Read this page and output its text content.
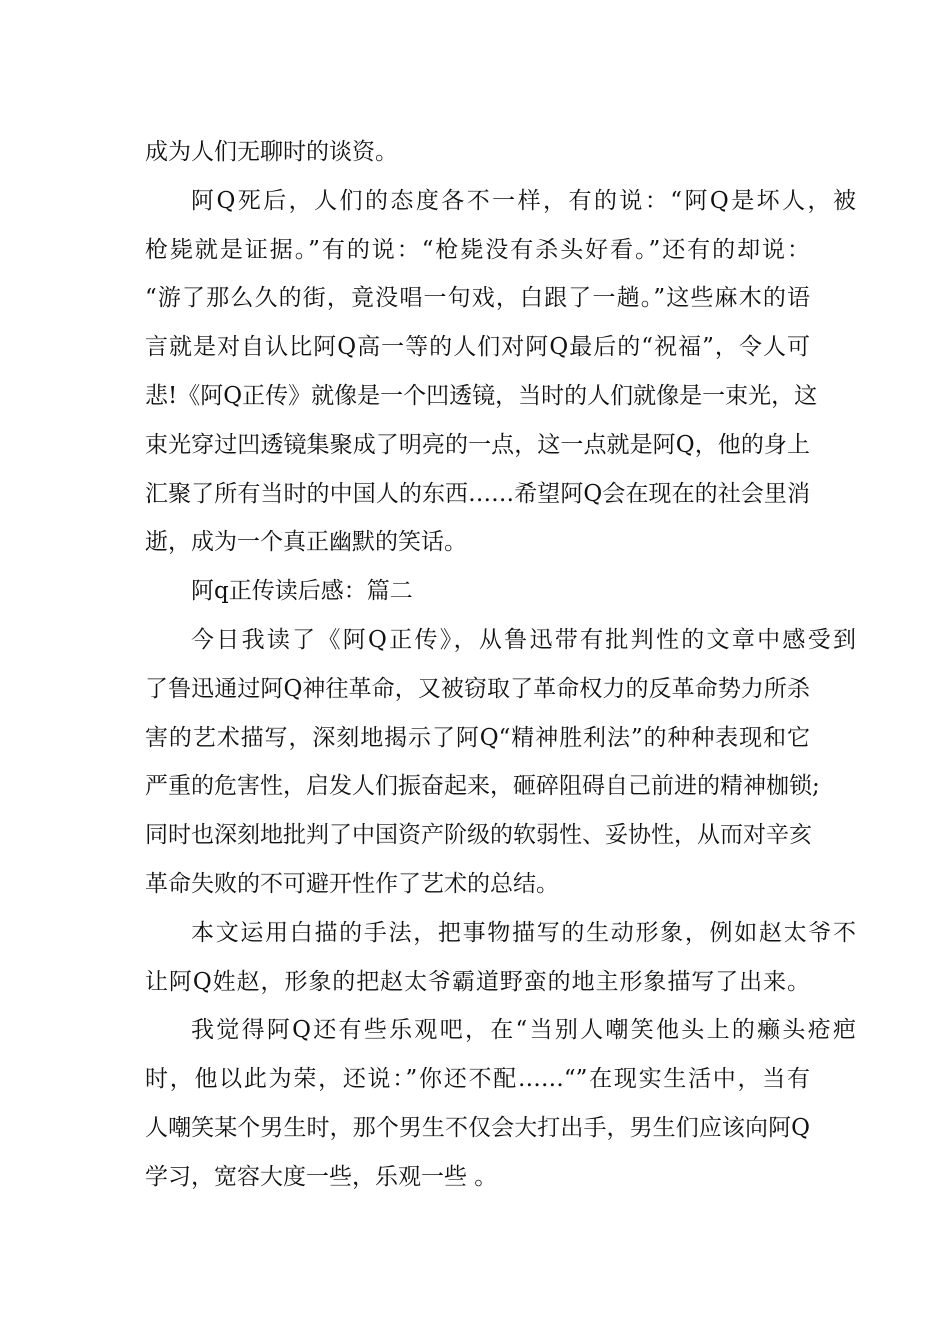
成为人们无聊时的谈资。
阿Q死后，人们的态度各不一样，有的说：“阿Q是坏人，被
枪毙就是证据。”有的说：“枪毙没有杀头好看。”还有的却说：
“游了那么久的街，竟没唱一句戏，白跟了一趟。”这些麻木的语
言就是对自认比阿Q高一等的人们对阿Q最后的“祝福”，令人可
悲!《阿Q正传》就像是一个凹透镜，当时的人们就像是一束光，这
束光穿过凹透镜集聚成了明亮的一点，这一点就是阿Q，他的身上
汇聚了所有当时的中国人的东西……希望阿Q会在现在的社会里消
逝，成为一个真正幽默的笑话。
阿q正传读后感：篇二
今日我读了《阿Q正传》，从鲁迅带有批判性的文章中感受到
了鲁迅通过阿Q神往革命，又被窃取了革命权力的反革命势力所杀
害的艺术描写，深刻地揭示了阿Q“精神胜利法”的种种表现和它
严重的危害性，启发人们振奋起来，砸碎阻碍自己前进的精神枷锁;
同时也深刻地批判了中国资产阶级的软弱性、妥协性，从而对辛亥
革命失败的不可避开性作了艺术的总结。
本文运用白描的手法，把事物描写的生动形象，例如赵太爷不
让阿Q姓赵，形象的把赵太爷霸道野蛮的地主形象描写了出来。
我觉得阿Q还有些乐观吧，在“当别人嘲笑他头上的癞头疮疤
时，他以此为荣，还说：”你还不配……“”在现实生活中，当有
人嘲笑某个男生时，那个男生不仅会大打出手，男生们应该向阿Q
学习，宽容大度一些，乐观一些 。
